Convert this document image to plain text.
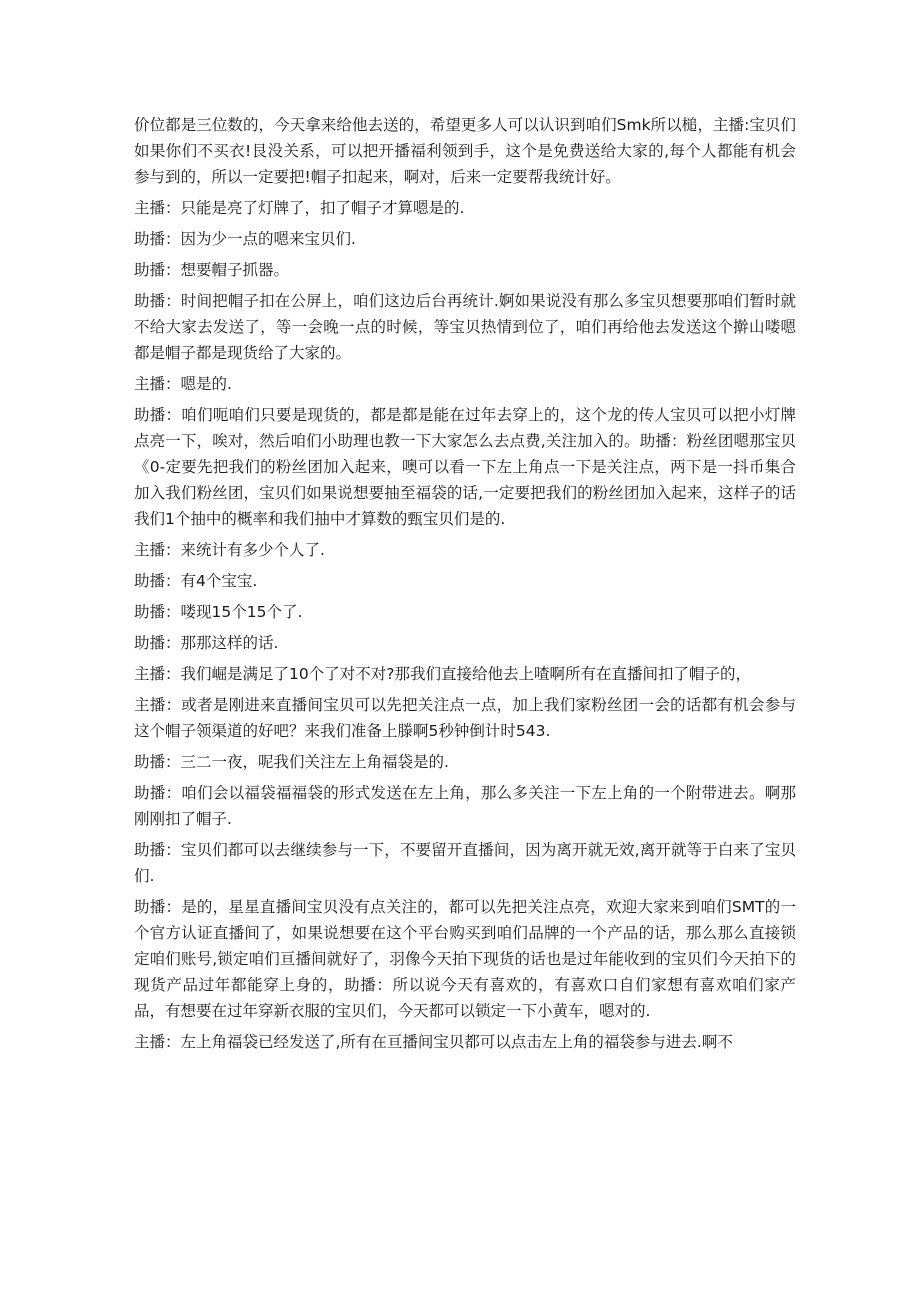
价位都是三位数的，今天拿来给他去送的，希望更多人可以认识到咱们Smk所以槌，主播:宝贝们如果你们不买衣!艮没关系，可以把开播福利领到手，这个是免费送给大家的,每个人都能有机会参与到的，所以一定要把!帽子扣起来，啊对，后来一定要帮我统计好。

主播：只能是亮了灯牌了，扣了帽子才算嗯是的.

助播：因为少一点的嗯来宝贝们.

助播：想要帽子抓器。

助播：时间把帽子扣在公屏上，咱们这边后台再统计.婀如果说没有那么多宝贝想要那咱们暂时就不给大家去发送了，等一会晚一点的时候，等宝贝热情到位了，咱们再给他去发送这个擀山喽嗯都是帽子都是现货给了大家的。

主播：嗯是的.

助播：咱们呃咱们只要是现货的，都是都是能在过年去穿上的，这个龙的传人宝贝可以把小灯牌点亮一下，唉对，然后咱们小助理也教一下大家怎么去点费,关注加入的。助播：粉丝团嗯那宝贝《0-定要先把我们的粉丝团加入起来，噢可以看一下左上角点一下是关注点，两下是一抖币集合加入我们粉丝团，宝贝们如果说想要抽至福袋的话,一定要把我们的粉丝团加入起来，这样子的话我们1个抽中的概率和我们抽中才算数的甄宝贝们是的.

主播：来统计有多少个人了.

助播：有4个宝宝.

助播：喽现15个15个了.

助播：那那这样的话.

主播：我们崛是满足了10个了对不对?那我们直接给他去上喳啊所有在直播间扣了帽子的，

主播：或者是刚进来直播间宝贝可以先把关注点一点，加上我们家粉丝团一会的话都有机会参与这个帽子领渠道的好吧？来我们准备上滕啊5秒钟倒计时543.

助播：三二一夜，呢我们关注左上角福袋是的.

助播：咱们会以福袋福福袋的形式发送在左上角，那么多关注一下左上角的一个附带进去。啊那刚刚扣了帽子.

助播：宝贝们都可以去继续参与一下，不要留开直播间，因为离开就无效,离开就等于白来了宝贝们.

助播：是的，星星直播间宝贝没有点关注的，都可以先把关注点亮，欢迎大家来到咱们SMT的一个官方认证直播间了，如果说想要在这个平台购买到咱们品牌的一个产品的话，那么那么直接锁定咱们账号,锁定咱们亘播间就好了，羽像今天拍下现货的话也是过年能收到的宝贝们今天拍下的现货产品过年都能穿上身的，助播：所以说今天有喜欢的，有喜欢口自们家想有喜欢咱们家产品，有想要在过年穿新衣服的宝贝们，今天都可以锁定一下小黄车，嗯对的.

主播：左上角福袋已经发送了,所有在亘播间宝贝都可以点击左上角的福袋参与进去.啊不
